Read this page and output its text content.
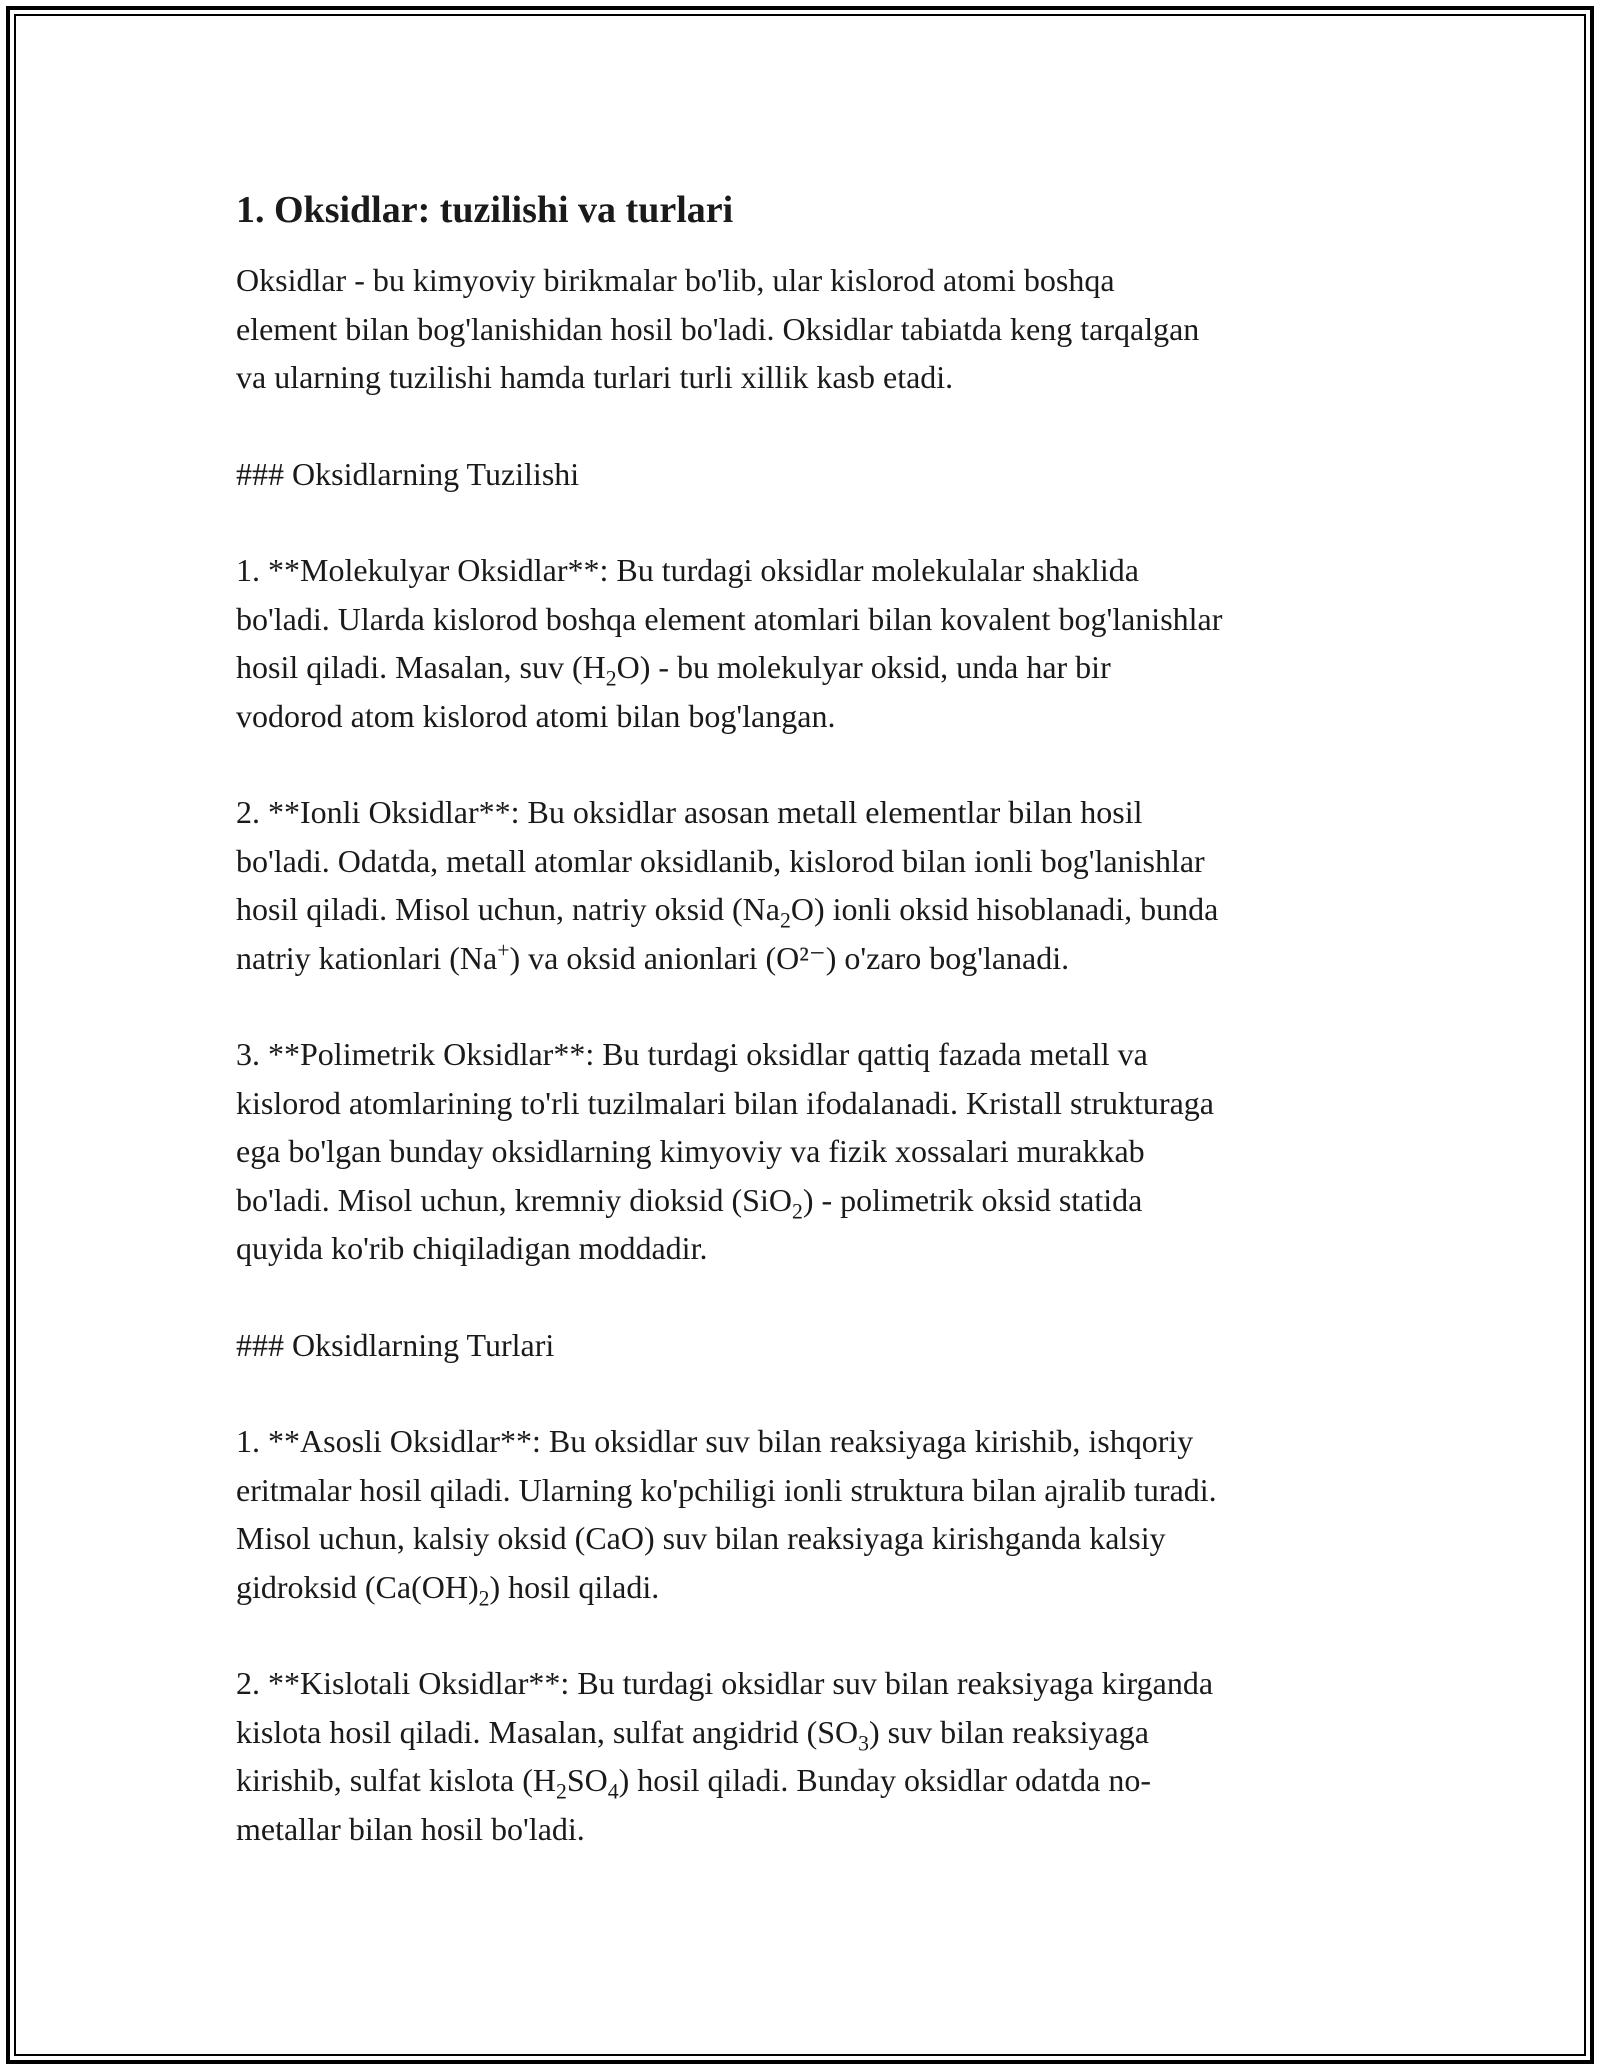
1. Oksidlar: tuzilishi va turlari

Oksidlar - bu kimyoviy birikmalar bo'lib, ular kislorod atomi boshqa
element bilan bog'lanishidan hosil bo'ladi. Oksidlar tabiatda keng tarqalgan
va ularning tuzilishi hamda turlari turli xillik kasb etadi.

### Oksidlarning Tuzilishi

1. **Molekulyar Oksidlar**: Bu turdagi oksidlar molekulalar shaklida
bo'ladi. Ularda kislorod boshqa element atomlari bilan kovalent bog'lanishlar
hosil qiladi. Masalan, suv $(H_2O)$ - bu molekulyar oksid, unda har bir
vodorod atom kislorod atomi bilan bog'langan.

2. **Ionli Oksidlar**: Bu oksidlar asosan metall elementlar bilan hosil
bo'ladi. Odatda, metall atomlar oksidlanib, kislorod bilan ionli bog'lanishlar
hosil qiladi. Misol uchun, natriy oksid $(Na_2O)$ ionli oksid hisoblanadi, bunda
natriy kationlari (Na+) va oksid anionlari (O²⁻) o'zaro bog'lanadi.

3. **Polimetrik Oksidlar**: Bu turdagi oksidlar qattiq fazada metall va
kislorod atomlarining to'rli tuzilmalari bilan ifodalanadi. Kristall strukturaga
ega bo'lgan bunday oksidlarning kimyoviy va fizik xossalari murakkab
bo'ladi. Misol uchun, kremniy dioksid (SiO$_2$) - polimetrik oksid statida
quyida ko'rib chiqiladigan moddadir.

### Oksidlarning Turlari

1. **Asosli Oksidlar**: Bu oksidlar suv bilan reaksiyaga kirishib, ishqoriy
eritmalar hosil qiladi. Ularning ko'pchiligi ionli struktura bilan ajralib turadi.
Misol uchun, kalsiy oksid (CaO) suv bilan reaksiyaga kirishganda kalsiy
gidroksid $(Ca(OH)_2)$ hosil qiladi.

2. **Kislotali Oksidlar**: Bu turdagi oksidlar suv bilan reaksiyaga kirganda
kislota hosil qiladi. Masalan, sulfat angidrid $(SO_3)$ suv bilan reaksiyaga
kirishib, sulfat kislota $(H_2SO_4)$ hosil qiladi. Bunday oksidlar odatda no-
metallar bilan hosil bo'ladi.
